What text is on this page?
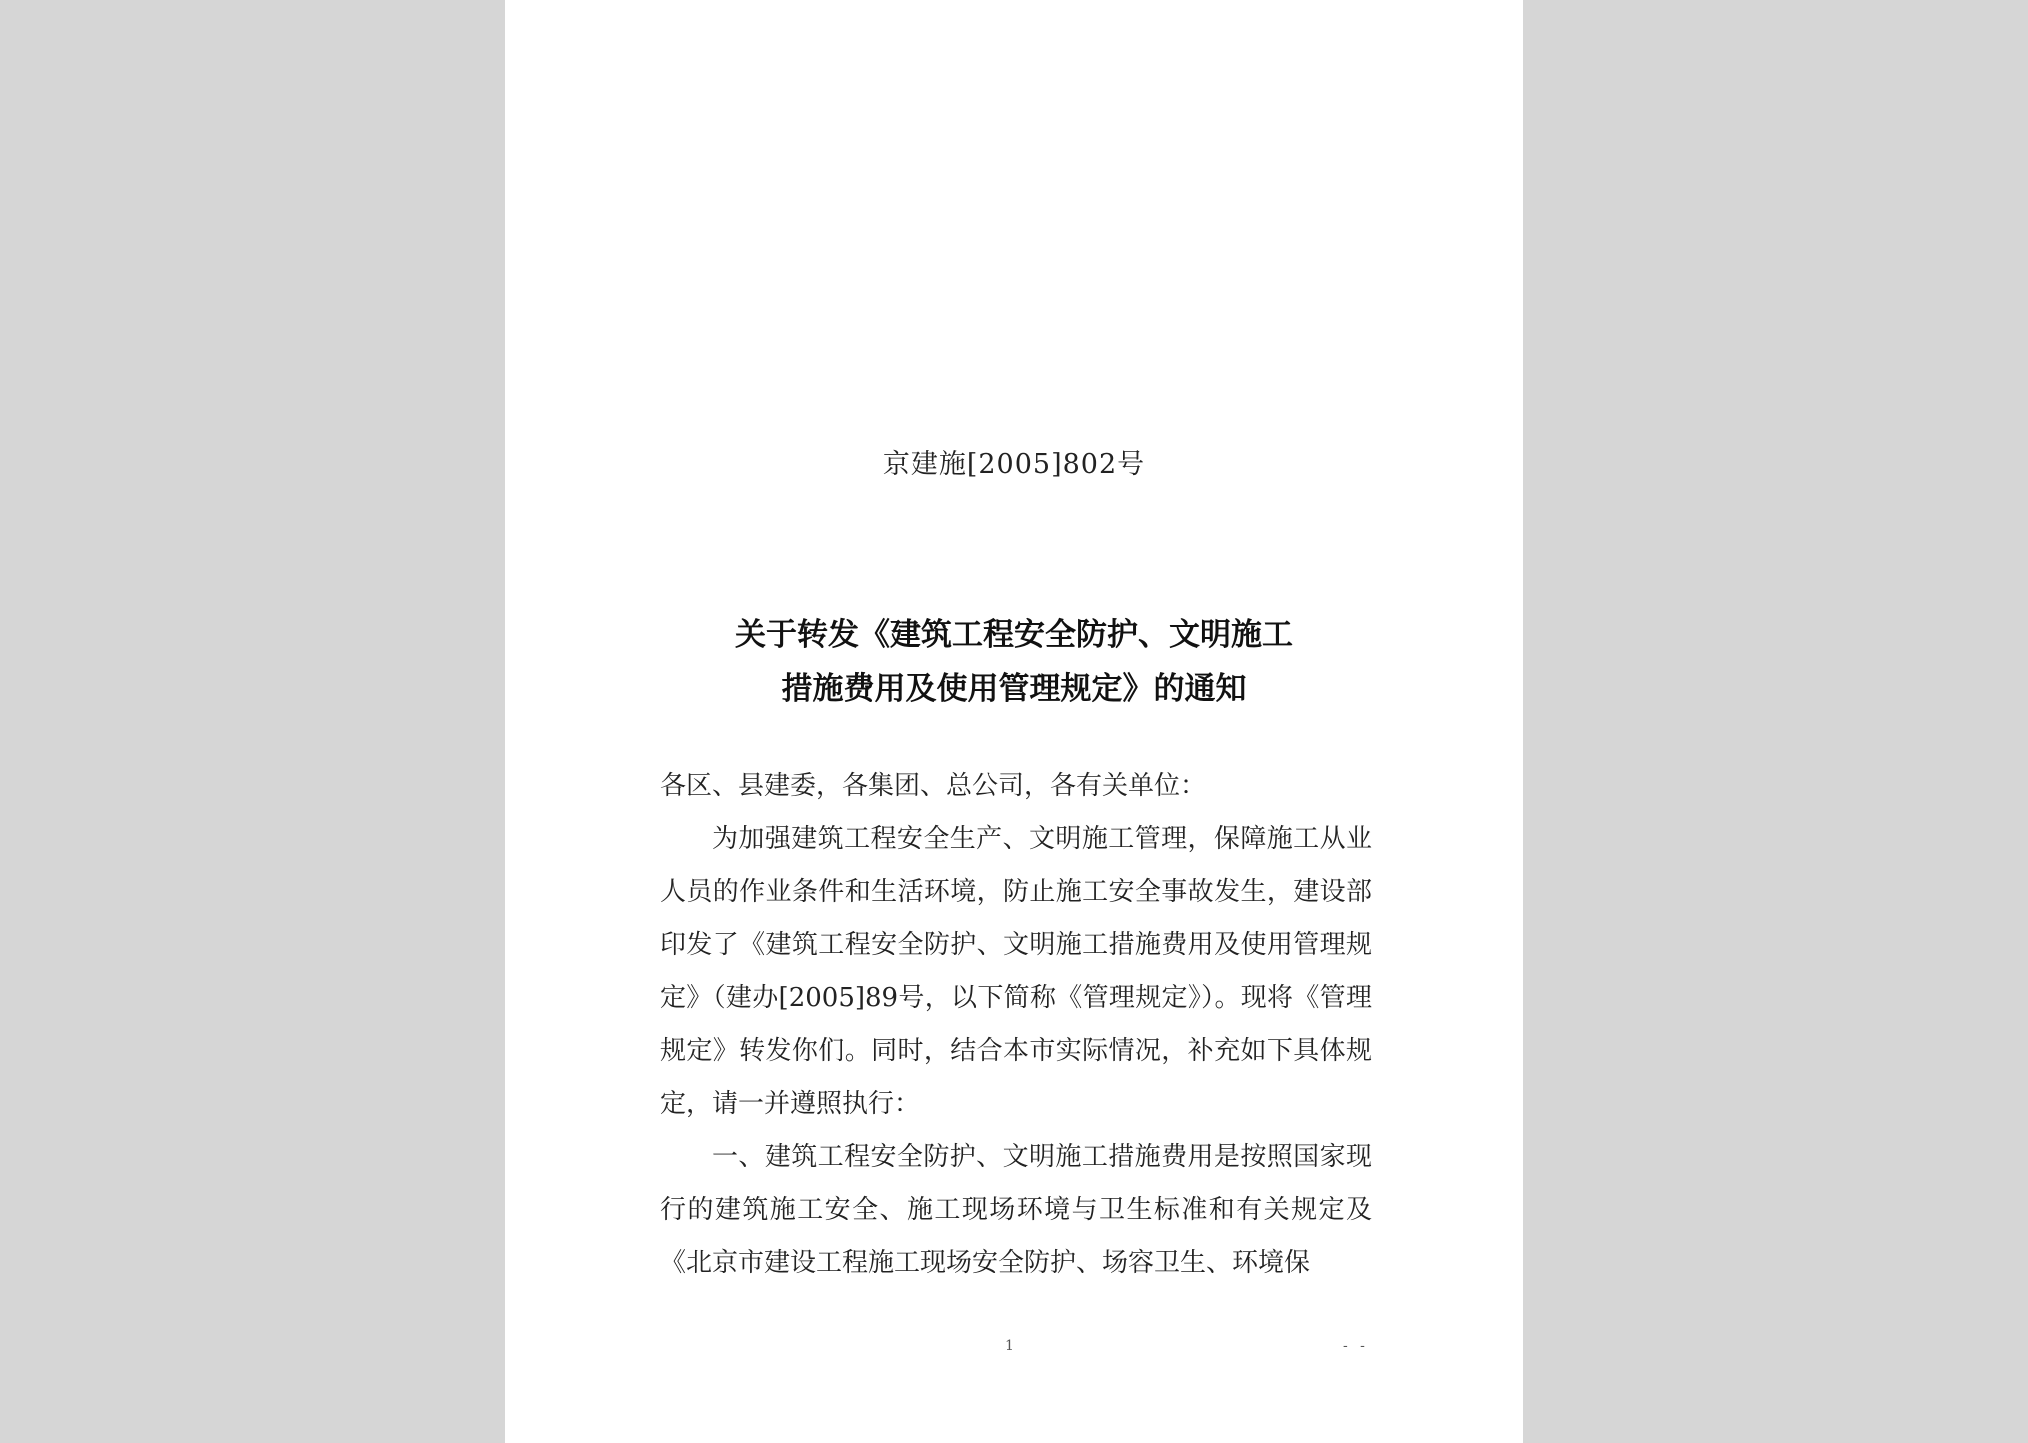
京建施[2005]802号
关于转发《建筑工程安全防护、文明施工
措施费用及使用管理规定》的通知

各区、县建委，各集团、总公司，各有关单位：

为加强建筑工程安全生产、文明施工管理，保障施工从业人员的作业条件和生活环境，防止施工安全事故发生，建设部印发了《建筑工程安全防护、文明施工措施费用及使用管理规定》（建办[2005]89号，以下简称《管理规定》）。现将《管理规定》转发你们。同时，结合本市实际情况，补充如下具体规定，请一并遵照执行：

一、建筑工程安全防护、文明施工措施费用是按照国家现行的建筑施工安全、施工现场环境与卫生标准和有关规定及《北京市建设工程施工现场安全防护、场容卫生、环境保

1	- -
